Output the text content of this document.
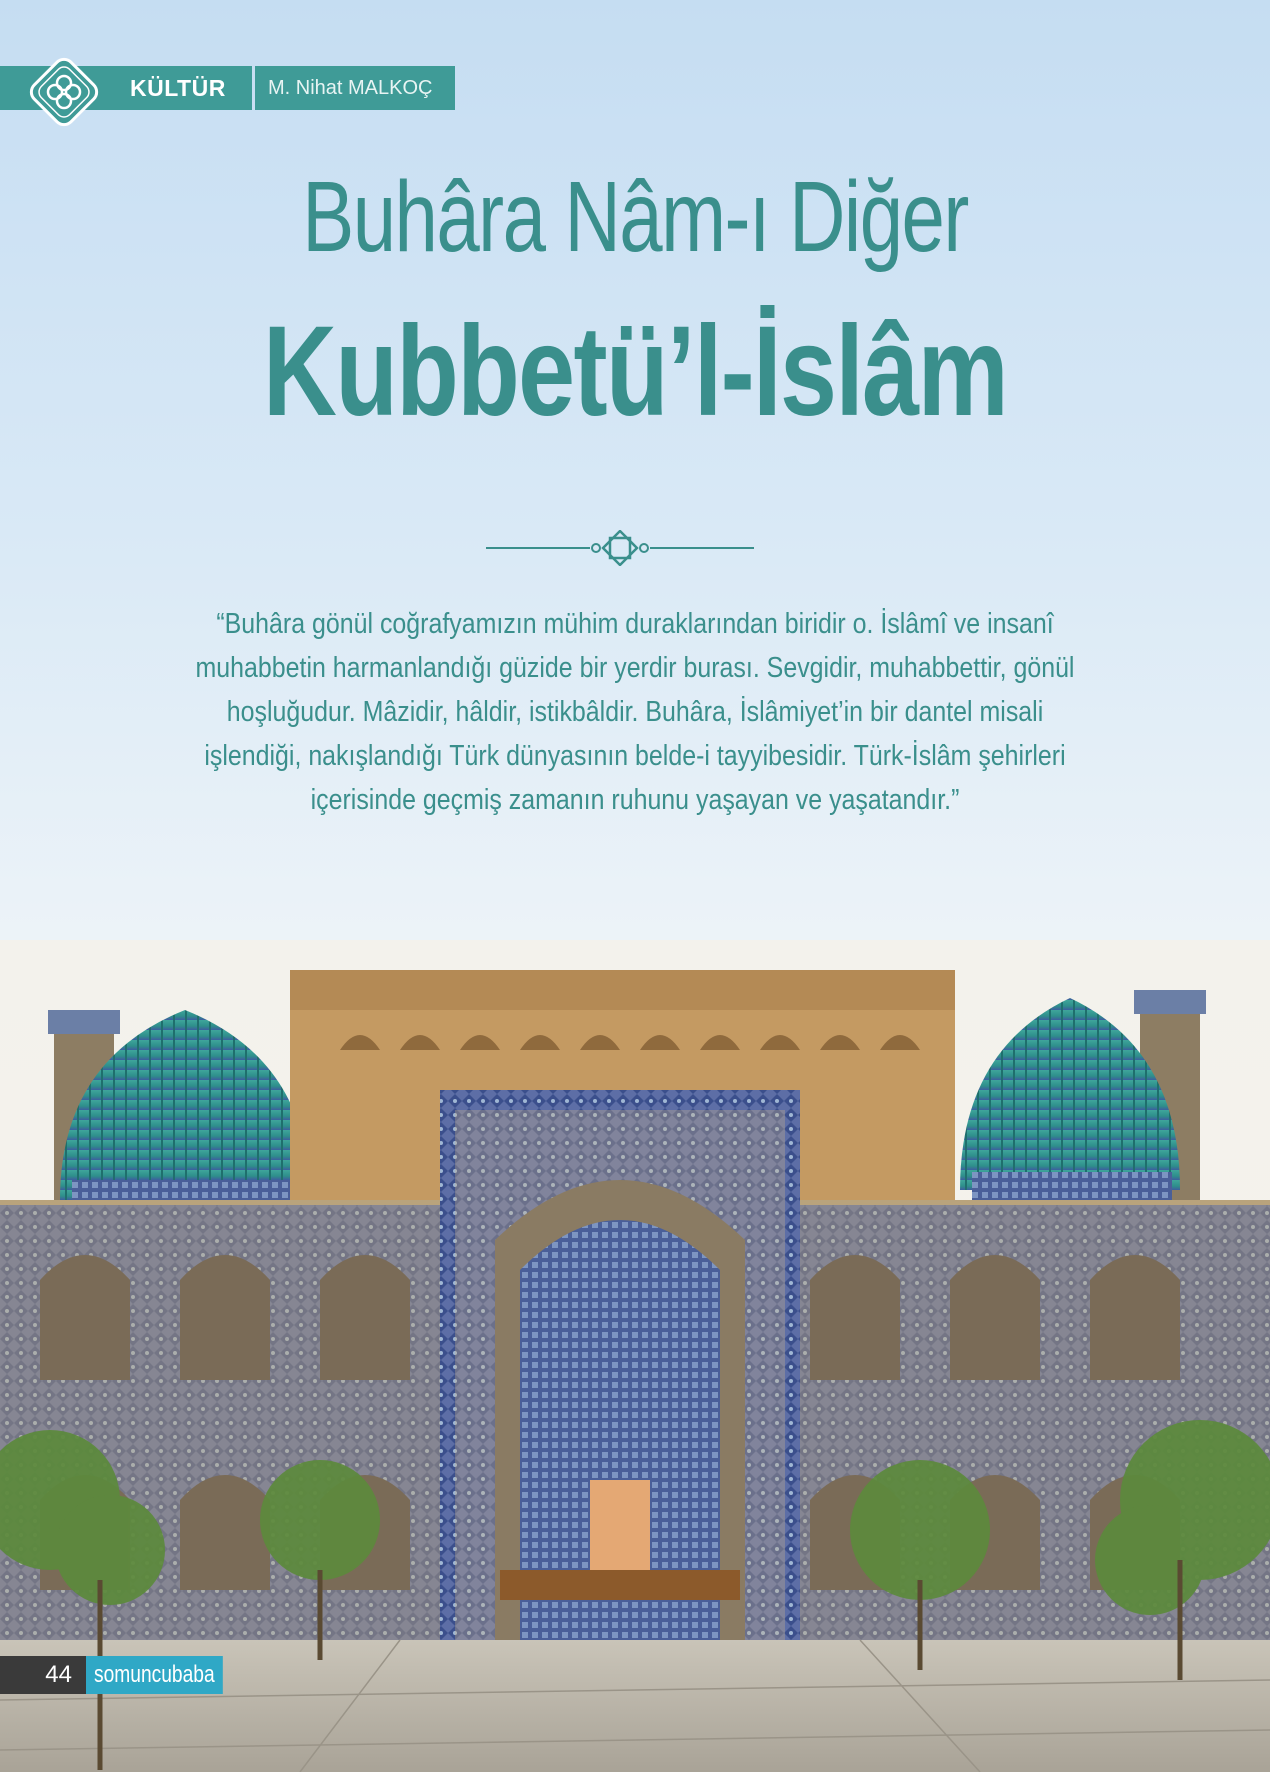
KÜLTÜR M. Nihat MALKOÇ
Buhâra Nâm-ı Diğer
Kubbetü’l-İslâm
“Buhâra gönül coğrafyamızın mühim duraklarından biridir o. İslâmî ve insanî
muhabbetin harmanlandığı güzide bir yerdir burası. Sevgidir, muhabbettir, gönül
hoşluğudur. Mâzidir, hâldir, istikbâldir. Buhâra, İslâmiyet’in bir dantel misali
işlendiği, nakışlandığı Türk dünyasının belde-i tayyibesidir. Türk-İslâm şehirleri
içerisinde geçmiş zamanın ruhunu yaşayan ve yaşatandır.”
44 somuncubaba
